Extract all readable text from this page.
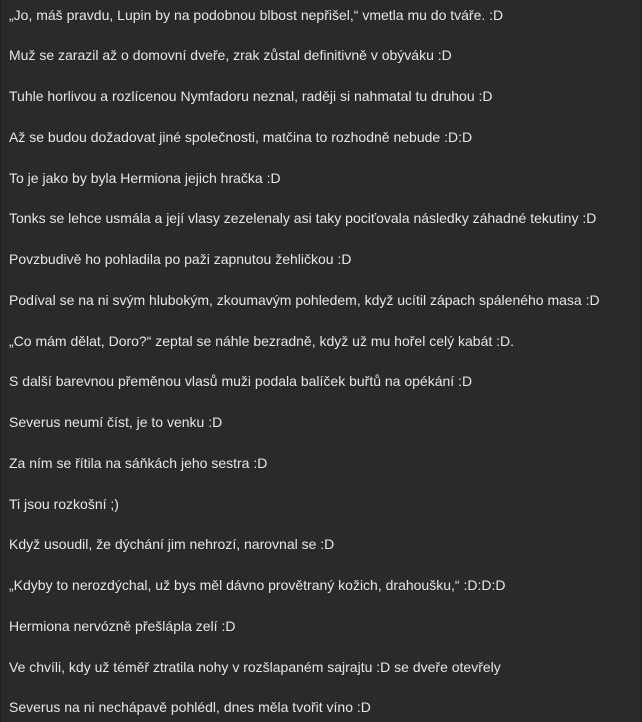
„Jo, máš pravdu, Lupin by na podobnou blbost nepřišel,“ vmetla mu do tváře. :D
Muž se zarazil až o domovní dveře, zrak zůstal definitivně v obýváku :D
Tuhle horlivou a rozlícenou Nymfadoru neznal, raději si nahmatal tu druhou :D
Až se budou dožadovat jiné společnosti, matčina to rozhodně nebude :D:D
To je jako by byla Hermiona jejich hračka :D
Tonks se lehce usmála a její vlasy zezelenaly asi taky pociťovala následky záhadné tekutiny :D
Povzbudivě ho pohladila po paži zapnutou žehličkou :D
Podíval se na ni svým hlubokým, zkoumavým pohledem, když ucítil zápach spáleného masa :D
„Co mám dělat, Doro?“ zeptal se náhle bezradně, když už mu hořel celý kabát :D.
S další barevnou přeměnou vlasů muži podala balíček buřtů na opékání :D
Severus neumí číst, je to venku :D
Za ním se řítila na sáňkách jeho sestra :D
Ti jsou rozkošní ;)
Když usoudil, že dýchání jim nehrozí, narovnal se :D
„Kdyby to nerozdýchal, už bys měl dávno provětraný kožich, drahoušku,“ :D:D:D
Hermiona nervózně přešlápla zelí :D
Ve chvíli, kdy už téměř ztratila nohy v rozšlapaném sajrajtu :D se dveře otevřely
Severus na ni nechápavě pohlédl, dnes měla tvořit víno :D
